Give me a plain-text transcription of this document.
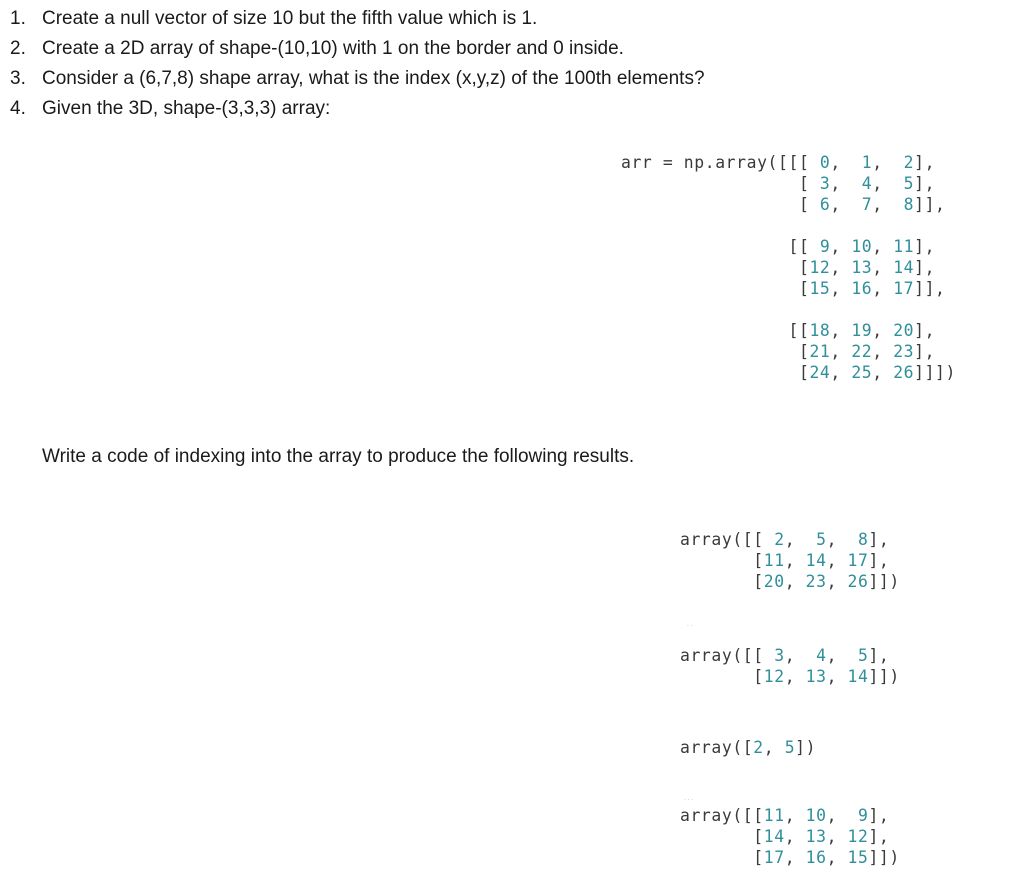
1. Create a null vector of size 10 but the fifth value which is 1.
2. Create a 2D array of shape-(10,10) with 1 on the border and 0 inside.
3. Consider a (6,7,8) shape array, what is the index (x,y,z) of the 100th elements?
4. Given the 3D, shape-(3,3,3) array:
arr = np.array([[[ 0,  1,  2],
[ 3,  4,  5],
[ 6,  7,  8]],
[[ 9, 10, 11],
[12, 13, 14],
[15, 16, 17]],
[[18, 19, 20],
[21, 22, 23],
[24, 25, 26]]])
Write a code of indexing into the array to produce the following results.
array([[ 2,  5,  8],
[11, 14, 17],
[20, 23, 26]])
--
array([[ 3,  4,  5],
[12, 13, 14]])
array([2, 5])
...
array([[11, 10,  9],
[14, 13, 12],
[17, 16, 15]])
